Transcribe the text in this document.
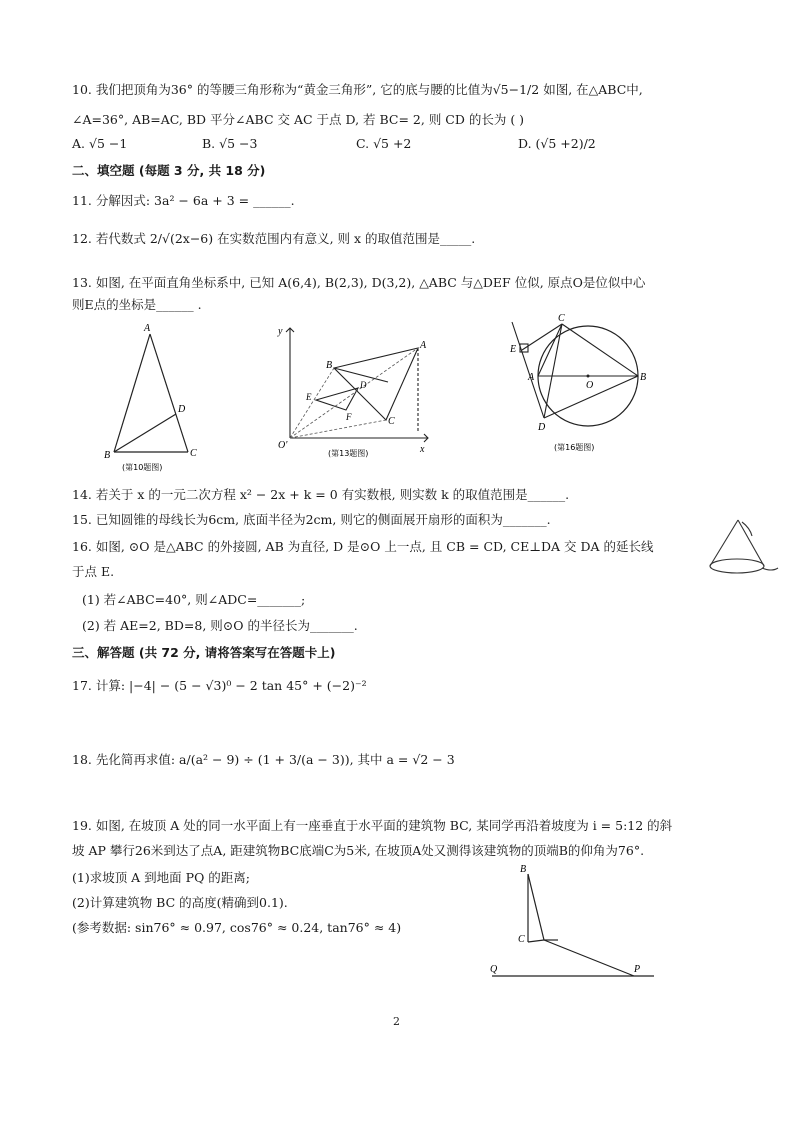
10. 我们把顶角为36° 的等腰三角形称为“黄金三角形”, 它的底与腰的比值为√5−1/2 如图, 在△ABC中,
∠A=36°, AB=AC, BD 平分∠ABC 交 AC 于点 D, 若 BC= 2, 则 CD 的长为 ( )
A. √5 −1	B. √5 −3	C. √5 +2	D. (√5 +2)/2
二、填空题 (每题 3 分, 共 18 分)
11. 分解因式: 3a² − 6a + 3 = ______.
12. 若代数式 2/√(2x−6) 在实数范围内有意义, 则 x 的取值范围是_____.
13. 如图, 在平面直角坐标系中, 已知 A(6,4), B(2,3), D(3,2), △ABC 与△DEF 位似, 原点O是位似中心
则E点的坐标是______ .
A
B	C
D
(第10题图)
y
x
O'
A
B
C
D
E
F
(第13题图)
C
B
A
D
E
O
(第16题图)
14. 若关于 x 的一元二次方程 x² − 2x + k = 0 有实数根, 则实数 k 的取值范围是______.
15. 已知圆锥的母线长为6cm, 底面半径为2cm, 则它的侧面展开扇形的面积为_______.
16. 如图, ⊙O 是△ABC 的外接圆, AB 为直径, D 是⊙O 上一点, 且 CB = CD, CE⊥DA 交 DA 的延长线
于点 E.
(1) 若∠ABC=40°, 则∠ADC=_______;
(2) 若 AE=2, BD=8, 则⊙O 的半径长为_______.
三、解答题 (共 72 分, 请将答案写在答题卡上)
17. 计算: |−4| − (5 − √3)⁰ − 2 tan 45° + (−2)⁻²
18. 先化简再求值: a/(a² − 9) ÷ (1 + 3/(a − 3)), 其中 a = √2 − 3
19. 如图, 在坡顶 A 处的同一水平面上有一座垂直于水平面的建筑物 BC, 某同学再沿着坡度为 i = 5:12 的斜
坡 AP 攀行26米到达了点A, 距建筑物BC底端C为5米, 在坡顶A处又测得该建筑物的顶端B的仰角为76°.
(1)求坡顶 A 到地面 PQ 的距离;
(2)计算建筑物 BC 的高度(精确到0.1).
(参考数据: sin76° ≈ 0.97, cos76° ≈ 0.24, tan76° ≈ 4)
B
C
Q	P
2
